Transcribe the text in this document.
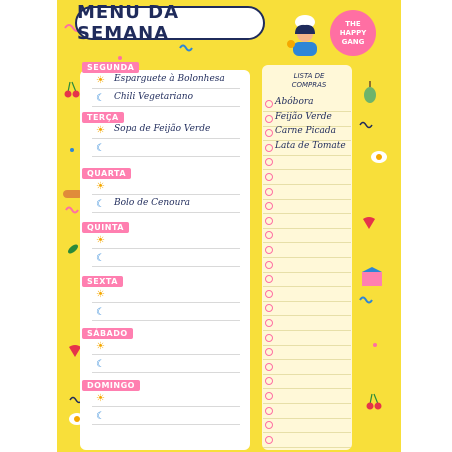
MENU DA SEMANA	THE
HAPPY
GANG
SEGUNDA
☀ Esparguete à Bolonhesa
☾ Chili Vegetariano
TERÇA
☀ Sopa de Feijão Verde
☾
QUARTA
☀
☾ Bolo de Cenoura
QUINTA
☀
☾
SEXTA
☀
☾
SÁBADO
☀
☾
DOMINGO
☀
☾
LISTA DE
COMPRAS
Abóbora
Feijão Verde
Carne Picada
Lata de Tomate
